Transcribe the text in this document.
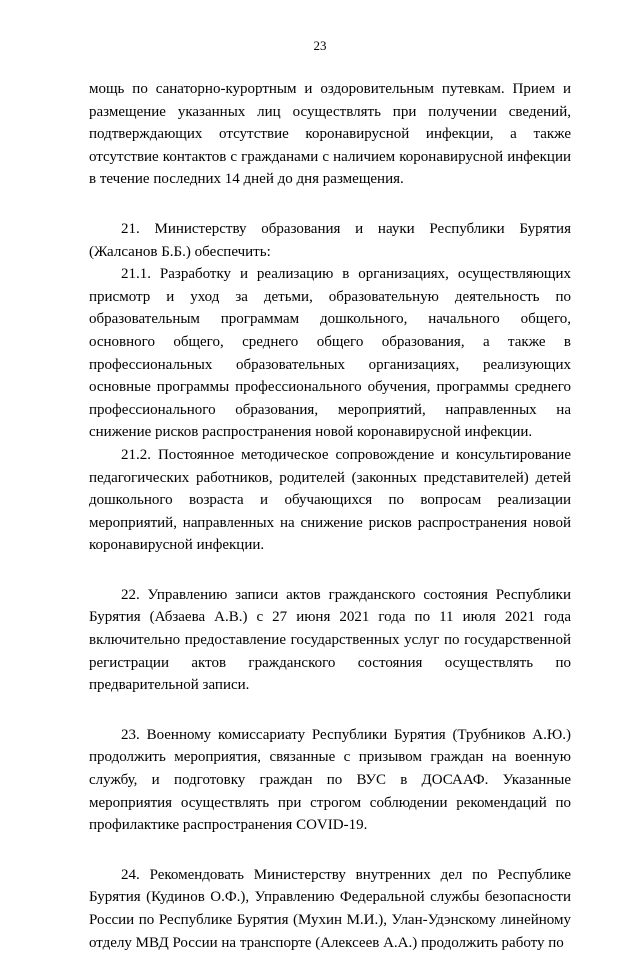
23

мощь по санаторно-курортным и оздоровительным путевкам. Прием и размещение указанных лиц осуществлять при получении сведений, подтверждающих отсутствие коронавирусной инфекции, а также отсутствие контактов с гражданами с наличием коронавирусной инфекции в течение последних 14 дней до дня размещения.

21. Министерству образования и науки Республики Бурятия (Жалсанов Б.Б.) обеспечить:

21.1. Разработку и реализацию в организациях, осуществляющих присмотр и уход за детьми, образовательную деятельность по образовательным программам дошкольного, начального общего, основного общего, среднего общего образования, а также в профессиональных образовательных организациях, реализующих основные программы профессионального обучения, программы среднего профессионального образования, мероприятий, направленных на снижение рисков распространения новой коронавирусной инфекции.

21.2. Постоянное методическое сопровождение и консультирование педагогических работников, родителей (законных представителей) детей дошкольного возраста и обучающихся по вопросам реализации мероприятий, направленных на снижение рисков распространения новой коронавирусной инфекции.

22. Управлению записи актов гражданского состояния Республики Бурятия (Абзаева А.В.) с 27 июня 2021 года по 11 июля 2021 года включительно предоставление государственных услуг по государственной регистрации актов гражданского состояния осуществлять по предварительной записи.

23. Военному комиссариату Республики Бурятия (Трубников А.Ю.) продолжить мероприятия, связанные с призывом граждан на военную службу, и подготовку граждан по ВУС в ДОСААФ. Указанные мероприятия осуществлять при строгом соблюдении рекомендаций по профилактике распространения COVID-19.

24. Рекомендовать Министерству внутренних дел по Республике Бурятия (Кудинов О.Ф.), Управлению Федеральной службы безопасности России по Республике Бурятия (Мухин М.И.), Улан-Удэнскому линейному отделу МВД России на транспорте (Алексеев А.А.) продолжить работу по
